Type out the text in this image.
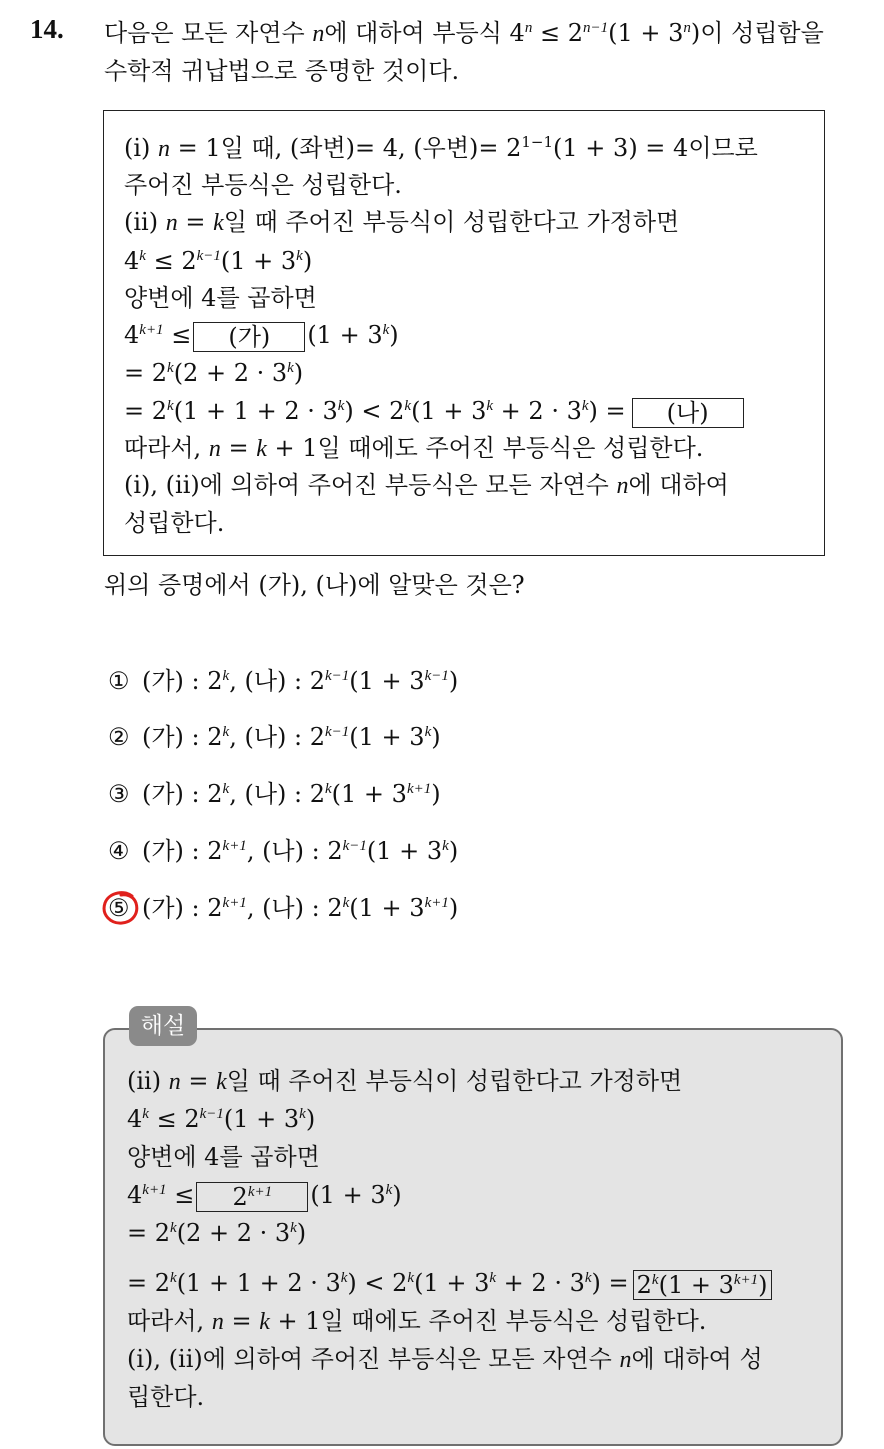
14. 다음은 모든 자연수 n에 대하여 부등식 $4^n \le 2^{n-1}(1 + 3^n)$이 성립함을
수학적 귀납법으로 증명한 것이다.
(i) n = 1일 때, (좌변)= 4, (우변)= $2^{1-1}(1 + 3) = 4$이므로
주어진 부등식은 성립한다.
(ii) n = k일 때 주어진 부등식이 성립한다고 가정하면
$4^k \le 2^{k-1}(1 + 3^k)$
양변에 4를 곱하면
$4^{k+1}$ ≤ (가) $(1 + 3^k)$
= $2^k(2 + 2 \cdot 3^k)$
= $2^k(1 + 1 + 2 \cdot 3^k) < 2^k(1 + 3^k + 2 \cdot 3^k)$ = (나)
따라서, n = k + 1일 때에도 주어진 부등식은 성립한다.
(i), (ii)에 의하여 주어진 부등식은 모든 자연수 n에 대하여
성립한다.
위의 증명에서 (가), (나)에 알맞은 것은?
① (가) : 2$^k$, (나) : $2^{k-1}(1 + 3^{k-1})$
② (가) : 2$^k$, (나) : $2^{k-1}(1 + 3^k)$
③ (가) : 2$^k$, (나) : $2^k(1 + 3^{k+1})$
④ (가) : $2^{k+1}$, (나) : $2^{k-1}(1 + 3^k)$
⑤ (가) : $2^{k+1}$, (나) : $2^k(1 + 3^{k+1})$
(ii) n = k일 때 주어진 부등식이 성립한다고 가정하면
$4^k \le 2^{k-1}(1 + 3^k)$
양변에 4를 곱하면
$4^{k+1} \le 2^{k+1}$ $(1 + 3^k)$
= $2^k(2 + 2 \cdot 3^k)$
= $2^k(1 + 1 + 2 \cdot 3^k) < 2^k(1 + 3^k + 2 \cdot 3^k) = 2^k(1 + 3^{k+1})$
따라서, n = k + 1일 때에도 주어진 부등식은 성립한다.
(i), (ii)에 의하여 주어진 부등식은 모든 자연수 n에 대하여 성
립한다.
해설
